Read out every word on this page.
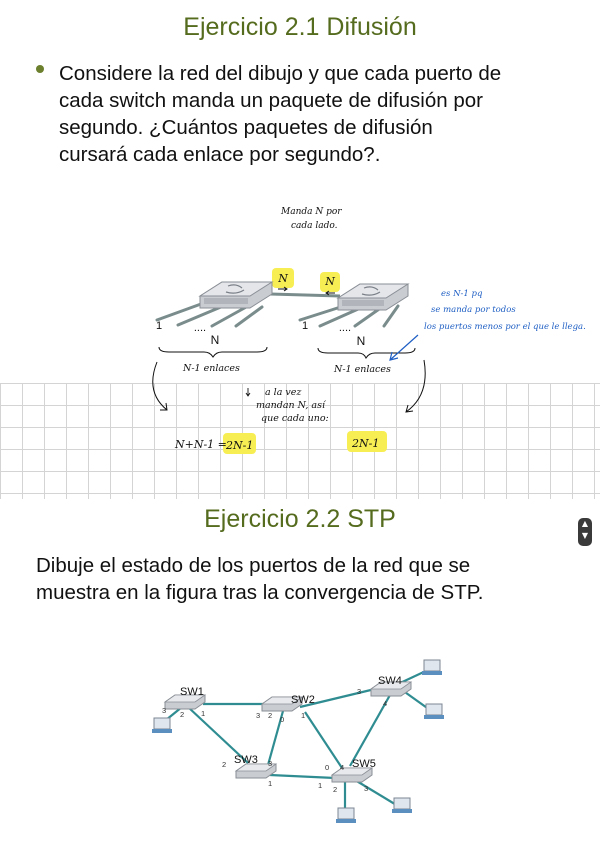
Ejercicio 2.1 Difusión
Considere la red del dibujo y que cada puerto de
cada switch manda un paquete de difusión por
segundo. ¿Cuántos paquetes de difusión
cursará cada enlace por segundo?.
1	....
N
1	....
N
N	N
Manda N por
cada lado.
N-1 enlaces	N-1 enlaces
es N-1 pq
se manda por todos
los puertos menos por el que le llega.
a la vez
mandan N, así
que cada uno:
N+N-1 = 2N-1	2N-1
▲
▼
Ejercicio 2.2 STP
Dibuje el estado de los puertos de la red que se
muestra en la figura tras la convergencia de STP.
SW1
SW2
SW3
SW4
SW5
3 2 1	3 2 0 1
2	3
1
3
4
0 4
1 2	3
